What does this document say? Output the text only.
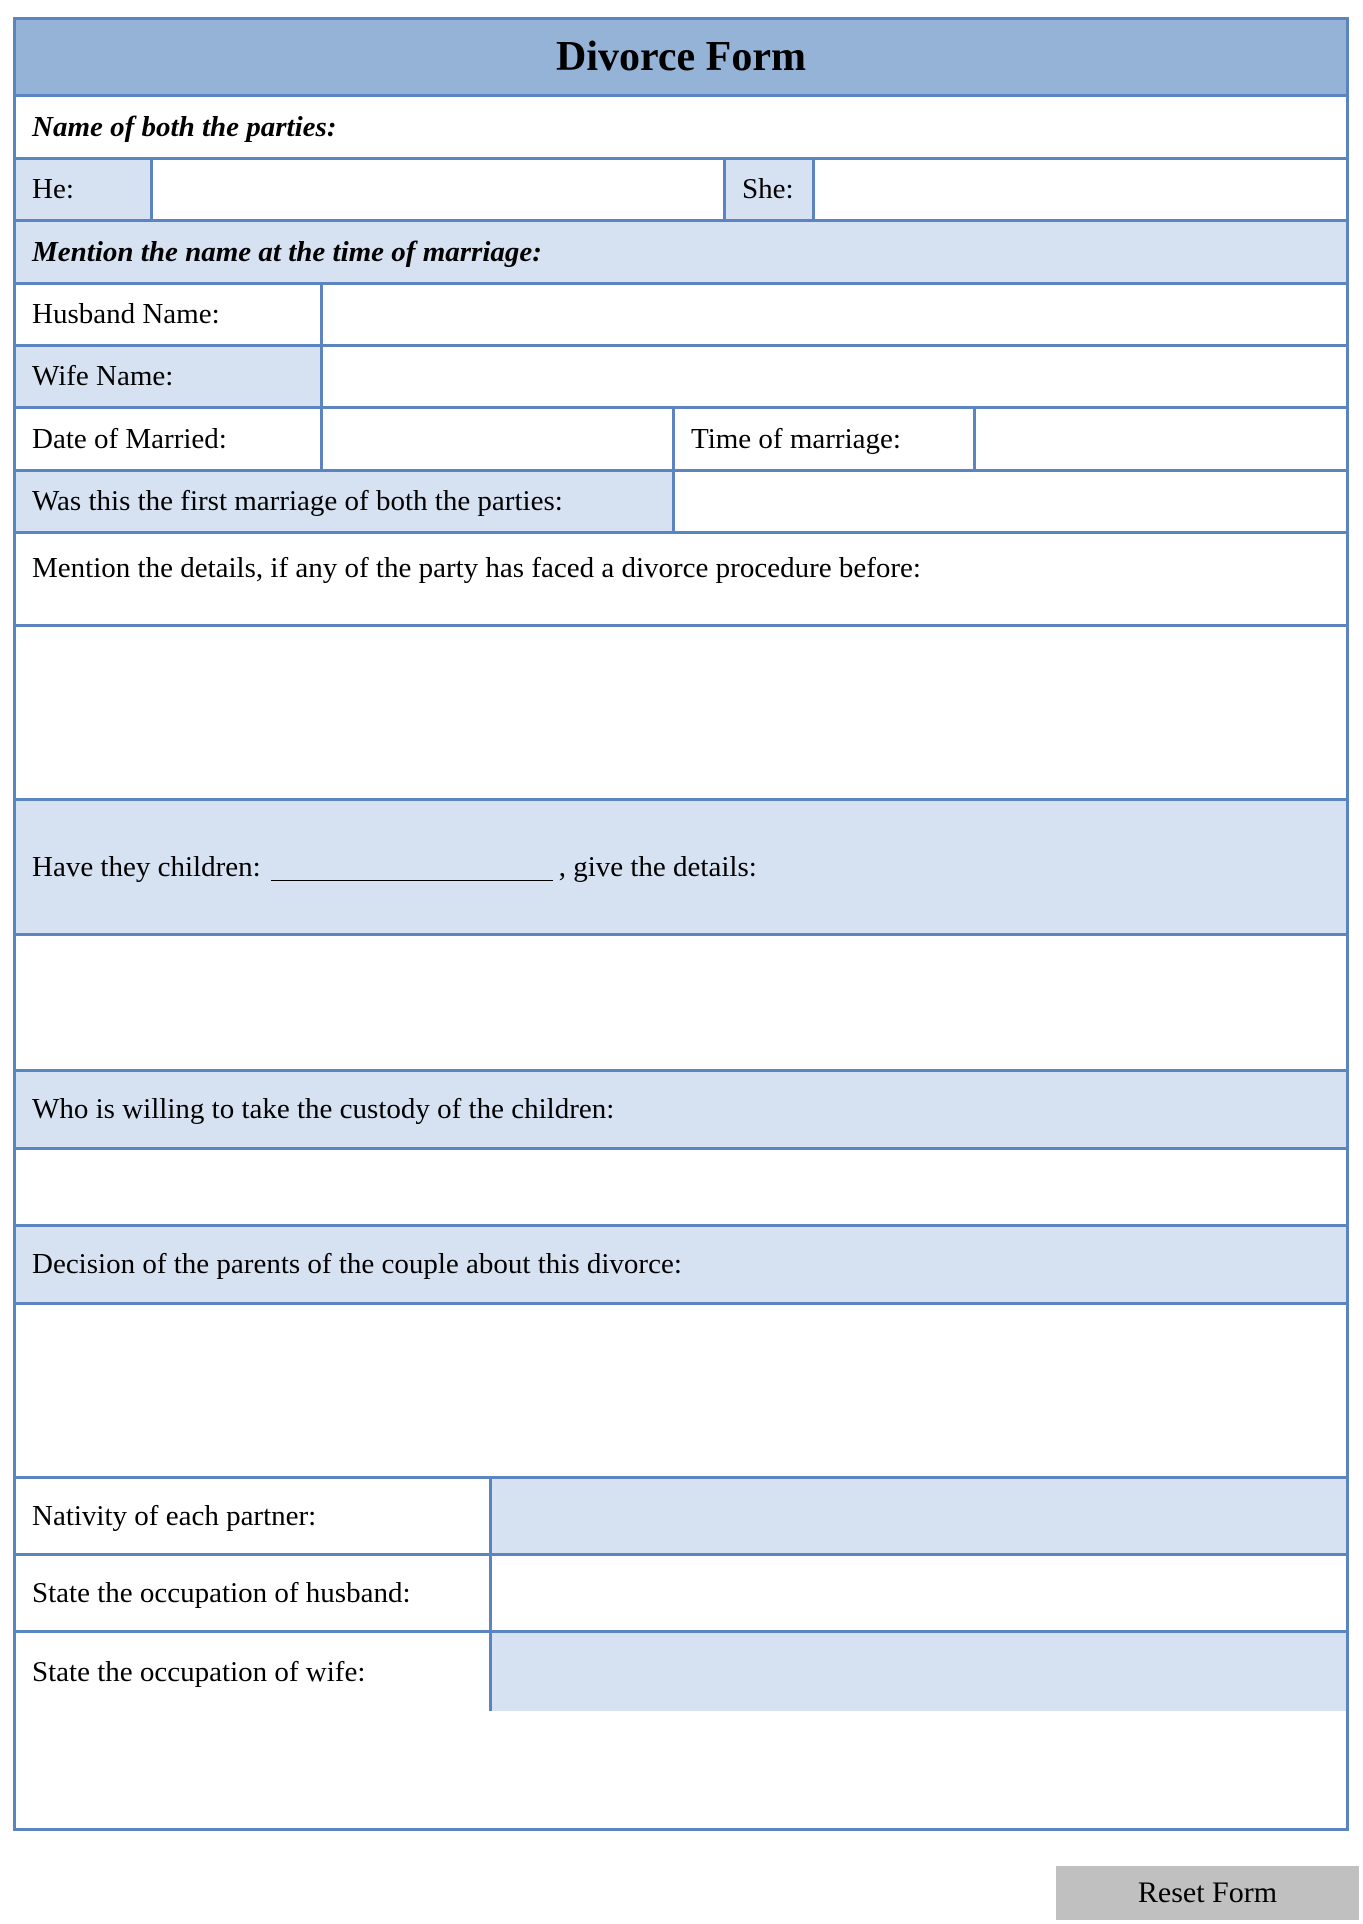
Divorce Form
Name of both the parties:
He:	She:
Mention the name at the time of marriage:
Husband Name:
Wife Name:
Date of Married:	Time of marriage:
Was this the first marriage of both the parties:
Mention the details, if any of the party has faced a divorce procedure before:
Have they children:	, give the details:
Who is willing to take the custody of the children:
Decision of the parents of the couple about this divorce:
Nativity of each partner:
State the occupation of husband:
State the occupation of wife:
Reset Form
